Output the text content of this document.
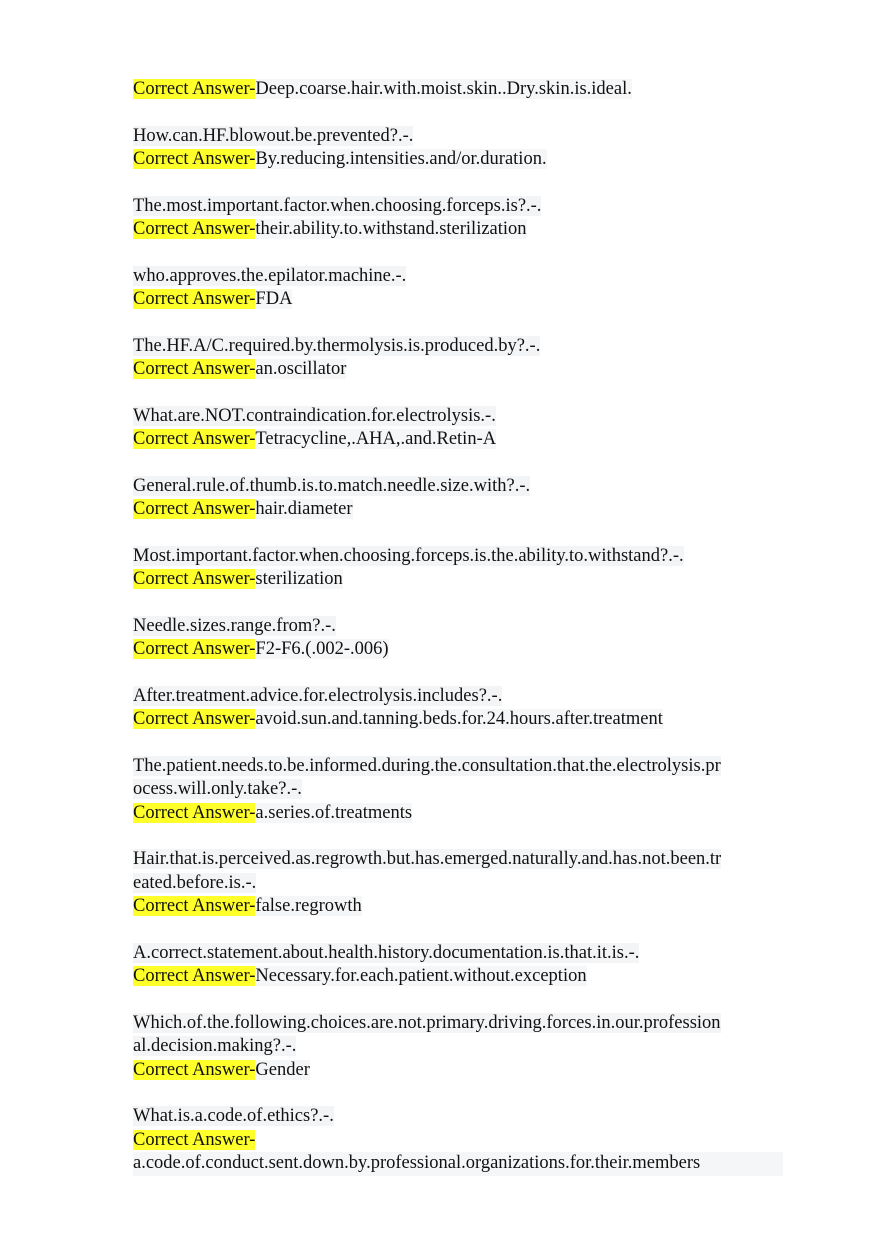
Correct Answer-Deep.coarse.hair.with.moist.skin..Dry.skin.is.ideal.
How.can.HF.blowout.be.prevented?.-.
Correct Answer-By.reducing.intensities.and/or.duration.
The.most.important.factor.when.choosing.forceps.is?.-.
Correct Answer-their.ability.to.withstand.sterilization
who.approves.the.epilator.machine.-.
Correct Answer-FDA
The.HF.A/C.required.by.thermolysis.is.produced.by?.-.
Correct Answer-an.oscillator
What.are.NOT.contraindication.for.electrolysis.-.
Correct Answer-Tetracycline,.AHA,.and.Retin-A
General.rule.of.thumb.is.to.match.needle.size.with?.-.
Correct Answer-hair.diameter
Most.important.factor.when.choosing.forceps.is.the.ability.to.withstand?.-.
Correct Answer-sterilization
Needle.sizes.range.from?.-.
Correct Answer-F2-F6.(.002-.006)
After.treatment.advice.for.electrolysis.includes?.-.
Correct Answer-avoid.sun.and.tanning.beds.for.24.hours.after.treatment
The.patient.needs.to.be.informed.during.the.consultation.that.the.electrolysis.pr
ocess.will.only.take?.-.
Correct Answer-a.series.of.treatments
Hair.that.is.perceived.as.regrowth.but.has.emerged.naturally.and.has.not.been.tr
eated.before.is.-.
Correct Answer-false.regrowth
A.correct.statement.about.health.history.documentation.is.that.it.is.-.
Correct Answer-Necessary.for.each.patient.without.exception
Which.of.the.following.choices.are.not.primary.driving.forces.in.our.profession
al.decision.making?.-.
Correct Answer-Gender
What.is.a.code.of.ethics?.-.
Correct Answer-
a.code.of.conduct.sent.down.by.professional.organizations.for.their.members
